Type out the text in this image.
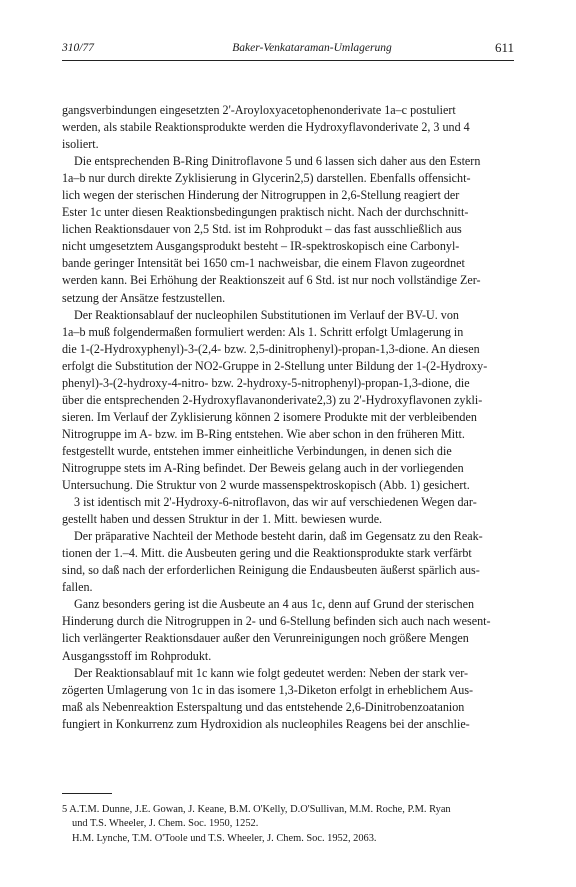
310/77	Baker-Venkataraman-Umlagerung	611

gangsverbindungen eingesetzten 2'-Aroyloxyacetophenonderivate 1a–c postuliert
werden, als stabile Reaktionsprodukte werden die Hydroxyflavonderivate 2, 3 und 4
isoliert.

Die entsprechenden B-Ring Dinitroflavone 5 und 6 lassen sich daher aus den Estern
1a–b nur durch direkte Zyklisierung in Glycerin2,5) darstellen. Ebenfalls offensicht-
lich wegen der sterischen Hinderung der Nitrogruppen in 2,6-Stellung reagiert der
Ester 1c unter diesen Reaktionsbedingungen praktisch nicht. Nach der durchschnitt-
lichen Reaktionsdauer von 2,5 Std. ist im Rohprodukt – das fast ausschließlich aus
nicht umgesetztem Ausgangsprodukt besteht – IR-spektroskopisch eine Carbonyl-
bande geringer Intensität bei 1650 cm-1 nachweisbar, die einem Flavon zugeordnet
werden kann. Bei Erhöhung der Reaktionszeit auf 6 Std. ist nur noch vollständige Zer-
setzung der Ansätze festzustellen.

Der Reaktionsablauf der nucleophilen Substitutionen im Verlauf der BV-U. von
1a–b muß folgendermaßen formuliert werden: Als 1. Schritt erfolgt Umlagerung in
die 1-(2-Hydroxyphenyl)-3-(2,4- bzw. 2,5-dinitrophenyl)-propan-1,3-dione. An diesen
erfolgt die Substitution der NO2-Gruppe in 2-Stellung unter Bildung der 1-(2-Hydroxy-
phenyl)-3-(2-hydroxy-4-nitro- bzw. 2-hydroxy-5-nitrophenyl)-propan-1,3-dione, die
über die entsprechenden 2-Hydroxyflavanonderivate2,3) zu 2'-Hydroxyflavonen zykli-
sieren. Im Verlauf der Zyklisierung können 2 isomere Produkte mit der verbleibenden
Nitrogruppe im A- bzw. im B-Ring entstehen. Wie aber schon in den früheren Mitt.
festgestellt wurde, entstehen immer einheitliche Verbindungen, in denen sich die
Nitrogruppe stets im A-Ring befindet. Der Beweis gelang auch in der vorliegenden
Untersuchung. Die Struktur von 2 wurde massenspektroskopisch (Abb. 1) gesichert.

3 ist identisch mit 2'-Hydroxy-6-nitroflavon, das wir auf verschiedenen Wegen dar-
gestellt haben und dessen Struktur in der 1. Mitt. bewiesen wurde.

Der präparative Nachteil der Methode besteht darin, daß im Gegensatz zu den Reak-
tionen der 1.–4. Mitt. die Ausbeuten gering und die Reaktionsprodukte stark verfärbt
sind, so daß nach der erforderlichen Reinigung die Endausbeuten äußerst spärlich aus-
fallen.

Ganz besonders gering ist die Ausbeute an 4 aus 1c, denn auf Grund der sterischen
Hinderung durch die Nitrogruppen in 2- und 6-Stellung befinden sich auch nach wesent-
lich verlängerter Reaktionsdauer außer den Verunreinigungen noch größere Mengen
Ausgangsstoff im Rohprodukt.

Der Reaktionsablauf mit 1c kann wie folgt gedeutet werden: Neben der stark ver-
zögerten Umlagerung von 1c in das isomere 1,3-Diketon erfolgt in erheblichem Aus-
maß als Nebenreaktion Esterspaltung und das entstehende 2,6-Dinitrobenzoatanion
fungiert in Konkurrenz zum Hydroxidion als nucleophiles Reagens bei der anschlie-

5 A.T.M. Dunne, J.E. Gowan, J. Keane, B.M. O'Kelly, D.O'Sullivan, M.M. Roche, P.M. Ryan
und T.S. Wheeler, J. Chem. Soc. 1950, 1252.
H.M. Lynche, T.M. O'Toole und T.S. Wheeler, J. Chem. Soc. 1952, 2063.
